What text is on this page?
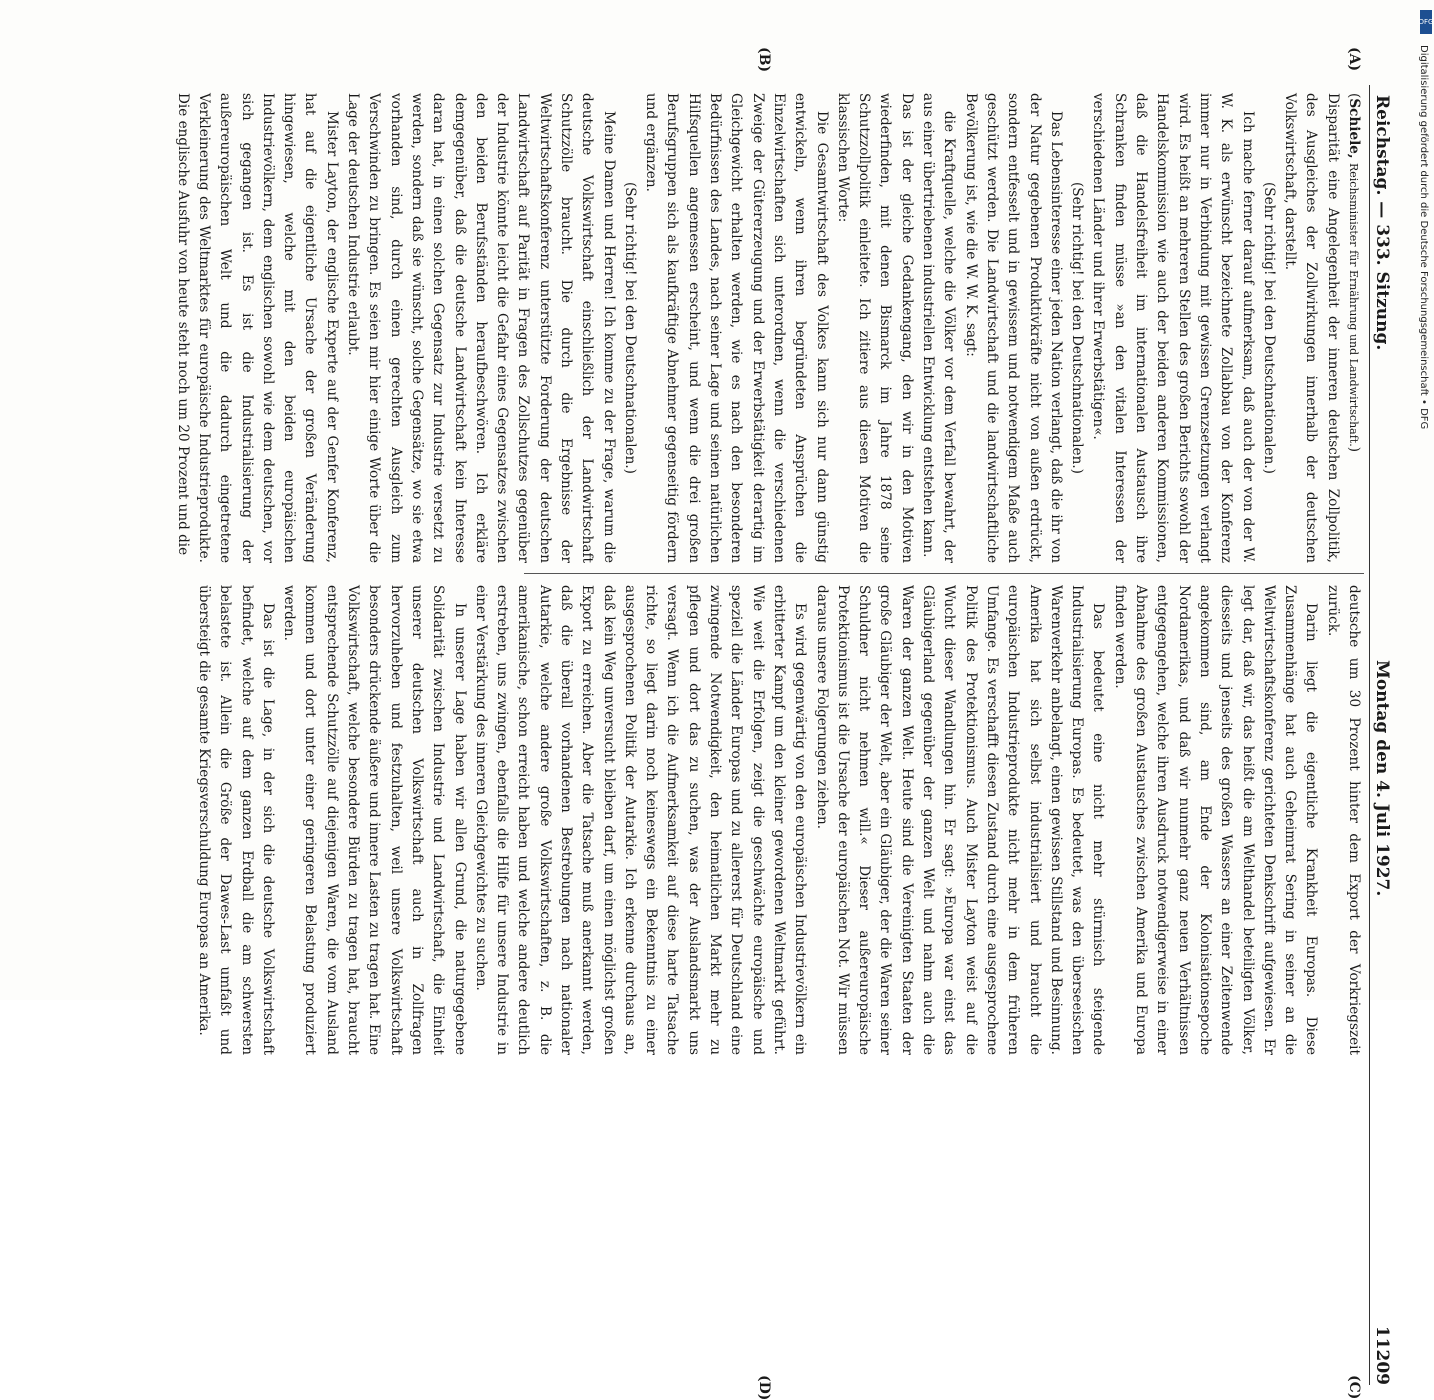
Reichstag. — 333. Sitzung.
Montag den 4. Juli 1927.
11209
(A)
(B)
(C)
(D)

(Schiele, Reichsminister für Ernährung und Landwirtschaft.)

Disparität eine Angelegenheit der inneren deutschen Zollpolitik, des Ausgleiches der Zollwirkungen innerhalb der deutschen Volkswirtschaft, darstellt.

(Sehr richtig! bei den Deutschnationalen.)

Ich mache ferner darauf aufmerksam, daß auch der von der W. W. K. als erwünscht bezeichnete Zollabbau von der Konferenz immer nur in Verbindung mit gewissen Grenzsetzungen verlangt wird. Es heißt an mehreren Stellen des großen Berichts sowohl der Handelskommission wie auch der beiden anderen Kommissionen, daß die Handelsfreiheit im internationalen Austausch ihre Schranken finden müsse »an den vitalen Interessen der verschiedenen Länder und ihrer Erwerbstätigen«.

(Sehr richtig! bei den Deutschnationalen.)

Das Lebensinteresse einer jeden Nation verlangt, daß die ihr von der Natur gegebenen Produktivkräfte nicht von außen erdrückt, sondern entfesselt und in gewissem und notwendigem Maße auch geschützt werden. Die Landwirtschaft und die landwirtschaftliche Bevölkerung ist, wie die W. W. K. sagt:

die Kraftquelle, welche die Völker vor dem Verfall bewahrt, der aus einer übertriebenen industriellen Entwicklung entstehen kann.

Das ist der gleiche Gedankengang, den wir in den Motiven wiederfinden, mit denen Bismarck im Jahre 1878 seine Schutzzollpolitik einleitete. Ich zitiere aus diesen Motiven die klassischen Worte:

Die Gesamtwirtschaft des Volkes kann sich nur dann günstig entwickeln, wenn ihren begründeten Ansprüchen die Einzelwirtschaften sich unterordnen, wenn die verschiedenen Zweige der Gütererzeugung und der Erwerbstätigkeit derartig im Gleichgewicht erhalten werden, wie es nach den besonderen Bedürfnissen des Landes, nach seiner Lage und seinen natürlichen Hilfsquellen angemessen erscheint, und wenn die drei großen Berufsgruppen sich als kaufkräftige Abnehmer gegenseitig fördern und ergänzen.

(Sehr richtig! bei den Deutschnationalen.)

Meine Damen und Herren! Ich komme zu der Frage, warum die deutsche Volkswirtschaft einschließlich der Landwirtschaft Schutzzölle braucht. Die durch die Ergebnisse der Weltwirtschaftskonferenz unterstützte Forderung der deutschen Landwirtschaft auf Parität in Fragen des Zollschutzes gegenüber der Industrie könnte leicht die Gefahr eines Gegensatzes zwischen den beiden Berufsständen heraufbeschwören. Ich erkläre demgegenüber, daß die deutsche Landwirtschaft kein Interesse daran hat, in einen solchen Gegensatz zur Industrie versetzt zu werden, sondern daß sie wünscht, solche Gegensätze, wo sie etwa vorhanden sind, durch einen gerechten Ausgleich zum Verschwinden zu bringen. Es seien mir hier einige Worte über die Lage der deutschen Industrie erlaubt.

Mister Layton, der englische Experte auf der Genfer Konferenz, hat auf die eigentliche Ursache der großen Veränderung hingewiesen, welche mit den beiden europäischen Industrievölkern, dem englischen sowohl wie dem deutschen, vor sich gegangen ist. Es ist die Industrialisierung der außereuropäischen Welt und die dadurch eingetretene Verkleinerung des Weltmarktes für europäische Industrieprodukte. Die englische Ausfuhr von heute steht noch um 20 Prozent und die

deutsche um 30 Prozent hinter dem Export der Vorkriegszeit zurück.

Darin liegt die eigentliche Krankheit Europas. Diese Zusammenhänge hat auch Geheimrat Sering in seiner an die Weltwirtschaftskonferenz gerichteten Denkschrift aufgewiesen. Er legt dar, daß wir, das heißt die am Welthandel beteiligten Völker, diesseits und jenseits des großen Wassers an einer Zeitenwende angekommen sind, am Ende der Kolonisationsepoche Nordamerikas, und daß wir nunmehr ganz neuen Verhältnissen entgegengehen, welche ihren Ausdruck notwendigerweise in einer Abnahme des großen Austausches zwischen Amerika und Europa finden werden.

Das bedeutet eine nicht mehr stürmisch steigende Industrialisierung Europas. Es bedeutet, was den überseeischen Warenverkehr anbelangt, einen gewissen Stillstand und Besinnung. Amerika hat sich selbst industrialisiert und braucht die europäischen Industrieprodukte nicht mehr in dem früheren Umfange. Es verschafft diesen Zustand durch eine ausgesprochene Politik des Protektionismus. Auch Mister Layton weist auf die Wucht dieser Wandlungen hin. Er sagt: »Europa war einst das Gläubigerland gegenüber der ganzen Welt und nahm auch die Waren der ganzen Welt. Heute sind die Vereinigten Staaten der große Gläubiger der Welt, aber ein Gläubiger, der die Waren seiner Schuldner nicht nehmen will.« Dieser außereuropäische Protektionismus ist die Ursache der europäischen Not. Wir müssen daraus unsere Folgerungen ziehen.

Es wird gegenwärtig von den europäischen Industrievölkern ein erbitterter Kampf um den kleiner gewordenen Weltmarkt geführt. Wie weit die Erfolgen, zeigt die geschwächte europäische und speziell die Länder Europas und zu allererst für Deutschland eine zwingende Notwendigkeit, den heimatlichen Markt mehr zu pflegen und dort das zu suchen, was der Auslandsmarkt uns versagt. Wenn ich die Aufmerksamkeit auf diese harte Tatsache richte, so liegt darin noch keineswegs ein Bekenntnis zu einer ausgesprochenen Politik der Autarkie. Ich erkenne durchaus an, daß kein Weg unversucht bleiben darf, um einen möglichst großen Export zu erreichen. Aber die Tatsache muß anerkannt werden, daß die überall vorhandenen Bestrebungen nach nationaler Autarkie, welche andere große Volkswirtschaften, z. B. die amerikanische, schon erreicht haben und welche andere deutlich erstreben, uns zwingen, ebenfalls die Hilfe für unsere Industrie in einer Verstärkung des inneren Gleichgewichtes zu suchen.

In unserer Lage haben wir allen Grund, die naturgegebene Solidarität zwischen Industrie und Landwirtschaft, die Einheit unserer deutschen Volkswirtschaft auch in Zollfragen hervorzuheben und festzuhalten, weil unsere Volkswirtschaft besonders drückende äußere und innere Lasten zu tragen hat. Eine Volkswirtschaft, welche besondere Bürden zu tragen hat, braucht entsprechende Schutzzölle auf diejenigen Waren, die vom Ausland kommen und dort unter einer geringeren Belastung produziert werden.

Das ist die Lage, in der sich die deutsche Volkswirtschaft befindet, welche auf dem ganzen Erdball die am schwersten belastete ist. Allein die Größe der Dawes-Last umfaßt und übersteigt die gesamte Kriegsverschuldung Europas an Amerika.

DFG
Digitalisierung gefördert durch die Deutsche Forschungsgemeinschaft • DFG
